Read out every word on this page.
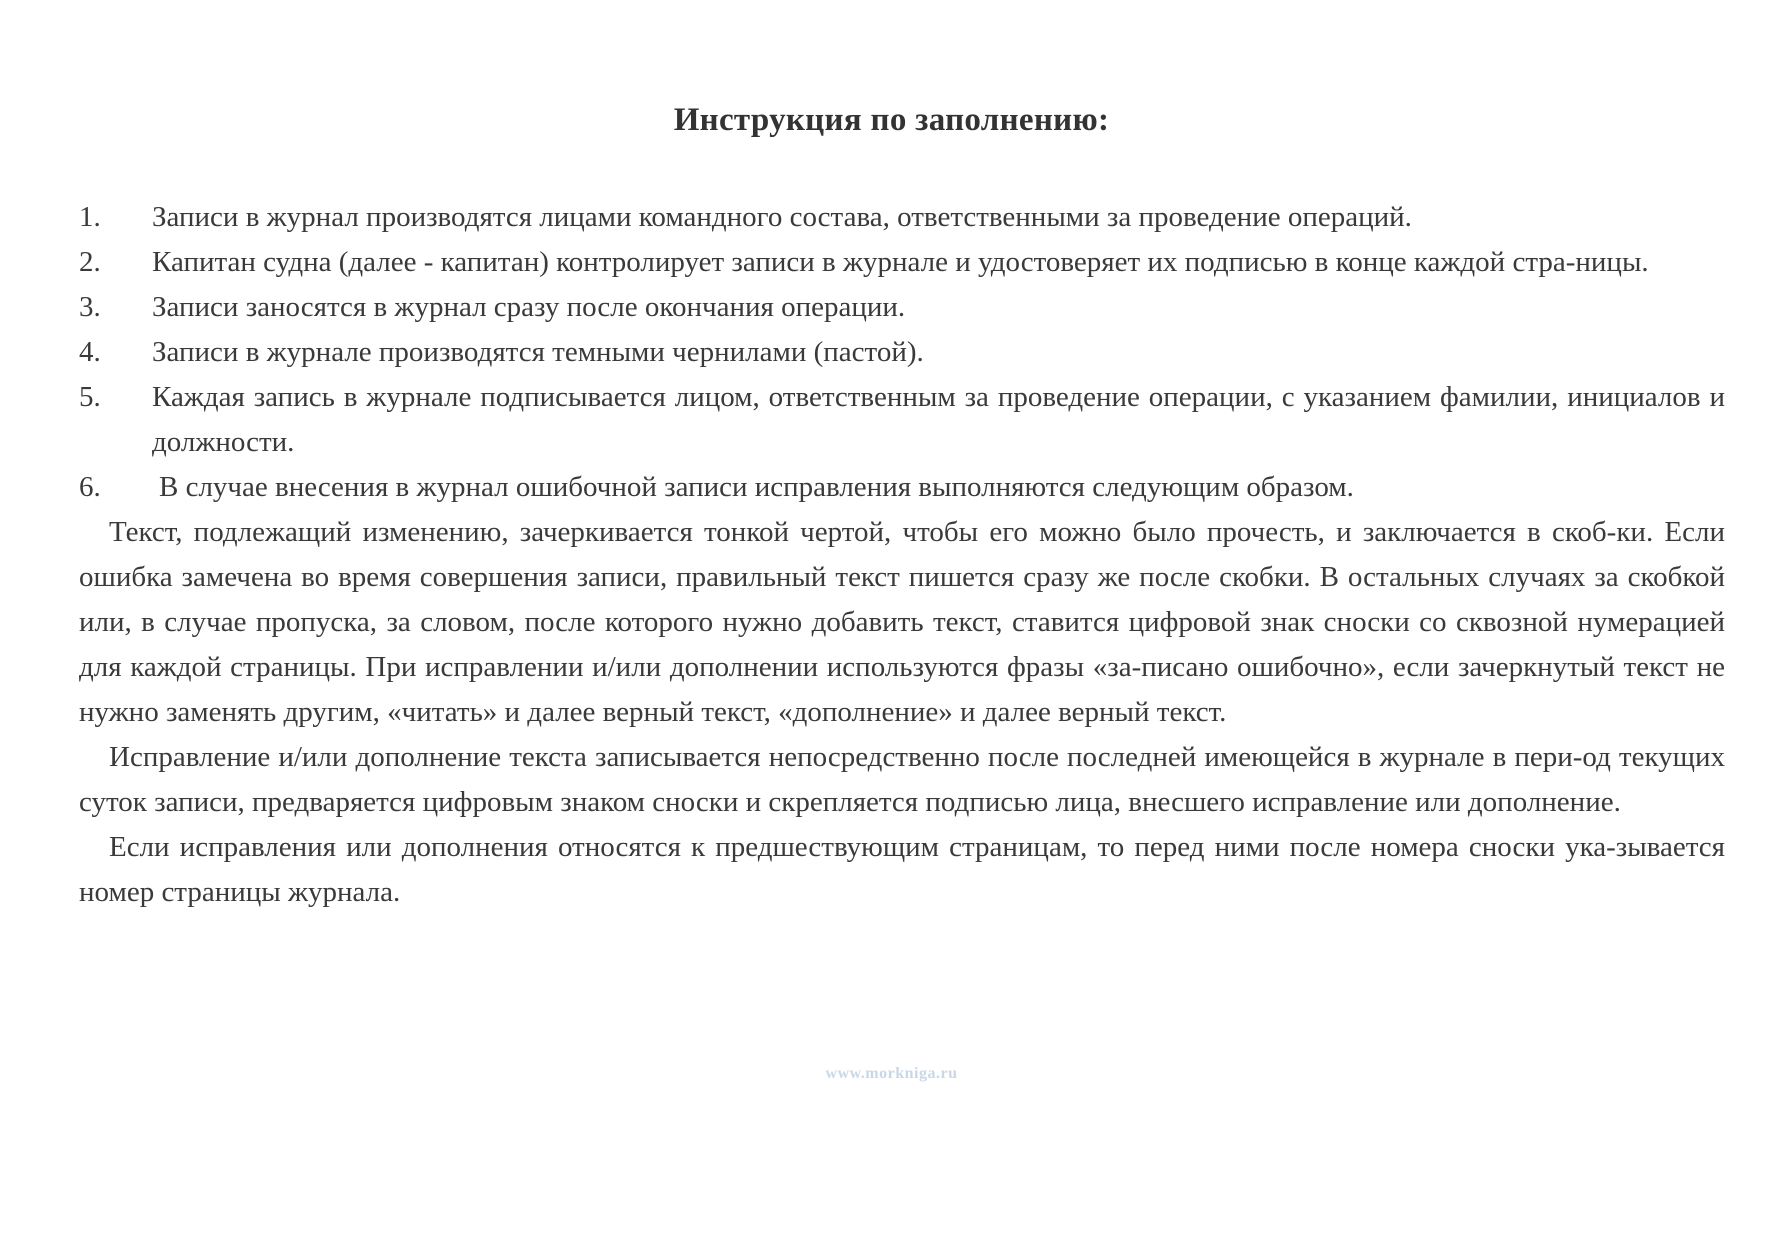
Инструкция по заполнению:
1.	Записи в журнал производятся лицами командного состава, ответственными за проведение операций.
2.	Капитан судна (далее - капитан) контролирует записи в журнале и удостоверяет их подписью в конце каждой стра-ницы.
3.	Записи заносятся в журнал сразу после окончания операции.
4.	Записи в журнале производятся темными чернилами (пастой).
5.	Каждая запись в журнале подписывается лицом, ответственным за проведение операции, с указанием фамилии, инициалов и должности.
6.	В случае внесения в журнал ошибочной записи исправления выполняются следующим образом.

Текст, подлежащий изменению, зачеркивается тонкой чертой, чтобы его можно было прочесть, и заключается в скоб-ки. Если ошибка замечена во время совершения записи, правильный текст пишется сразу же после скобки. В остальных случаях за скобкой или, в случае пропуска, за словом, после которого нужно добавить текст, ставится цифровой знак сноски со сквозной нумерацией для каждой страницы. При исправлении и/или дополнении используются фразы «за-писано ошибочно», если зачеркнутый текст не нужно заменять другим, «читать» и далее верный текст, «дополнение» и далее верный текст.

Исправление и/или дополнение текста записывается непосредственно после последней имеющейся в журнале в пери-од текущих суток записи, предваряется цифровым знаком сноски и скрепляется подписью лица, внесшего исправление или дополнение.

Если исправления или дополнения относятся к предшествующим страницам, то перед ними после номера сноски ука-зывается номер страницы журнала.

www.morkniga.ru
